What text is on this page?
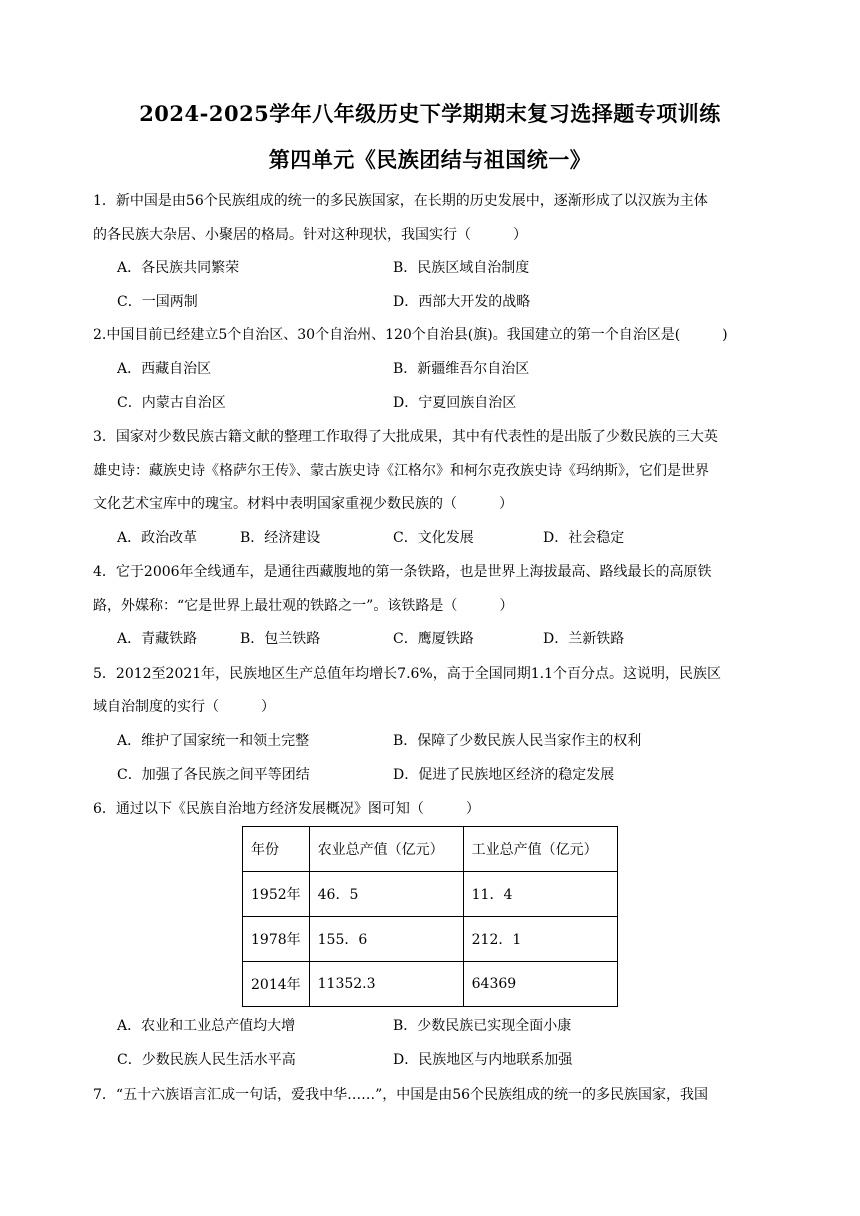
2024-2025学年八年级历史下学期期末复习选择题专项训练
第四单元《民族团结与祖国统一》
1．新中国是由56个民族组成的统一的多民族国家，在长期的历史发展中，逐渐形成了以汉族为主体
的各民族大杂居、小聚居的格局。针对这种现状，我国实行（　　　）
A．各民族共同繁荣	B．民族区域自治制度
C．一国两制	D．西部大开发的战略
2.中国目前已经建立5个自治区、30个自治州、120个自治县(旗)。我国建立的第一个自治区是(　　　)
A．西藏自治区	B．新疆维吾尔自治区
C．内蒙古自治区	D．宁夏回族自治区
3．国家对少数民族古籍文献的整理工作取得了大批成果，其中有代表性的是出版了少数民族的三大英
雄史诗：藏族史诗《格萨尔王传》、蒙古族史诗《江格尔》和柯尔克孜族史诗《玛纳斯》，它们是世界
文化艺术宝库中的瑰宝。材料中表明国家重视少数民族的（　　　）
A．政治改革	B．经济建设	C．文化发展	D．社会稳定
4．它于2006年全线通车，是通往西藏腹地的第一条铁路，也是世界上海拔最高、路线最长的高原铁
路，外媒称：“它是世界上最壮观的铁路之一”。该铁路是（　　　）
A．青藏铁路	B．包兰铁路	C．鹰厦铁路	D．兰新铁路
5．2012至2021年，民族地区生产总值年均增长7.6%，高于全国同期1.1个百分点。这说明，民族区
域自治制度的实行（　　　）
A．维护了国家统一和领土完整	B．保障了少数民族人民当家作主的权利
C．加强了各民族之间平等团结	D．促进了民族地区经济的稳定发展
6．通过以下《民族自治地方经济发展概况》图可知（　　　）
年份	农业总产值（亿元）	工业总产值（亿元）
1952年	46．5	11．4
1978年	155．6	212．1
2014年	11352.3	64369
A．农业和工业总产值均大增	B．少数民族已实现全面小康
C．少数民族人民生活水平高	D．民族地区与内地联系加强
7．“五十六族语言汇成一句话，爱我中华……”，中国是由56个民族组成的统一的多民族国家，我国
